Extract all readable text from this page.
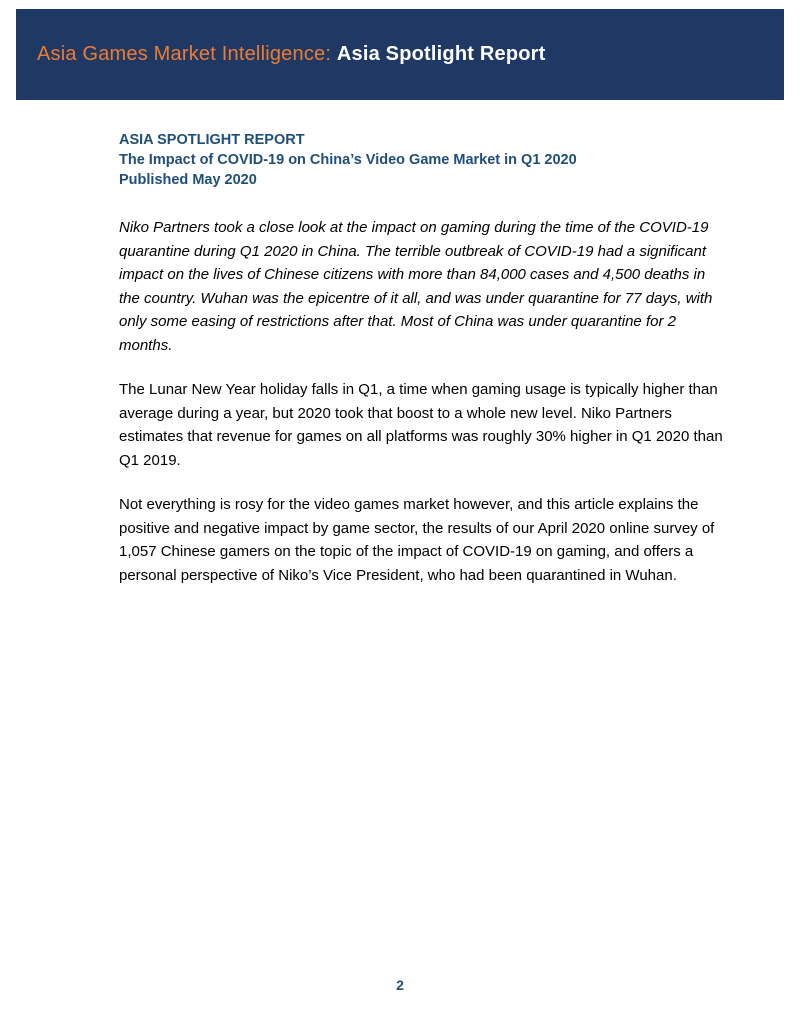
Asia Games Market Intelligence: Asia Spotlight Report
ASIA SPOTLIGHT REPORT
The Impact of COVID-19 on China’s Video Game Market in Q1 2020
Published May 2020

Niko Partners took a close look at the impact on gaming during the time of the COVID-19 quarantine during Q1 2020 in China. The terrible outbreak of COVID-19 had a significant impact on the lives of Chinese citizens with more than 84,000 cases and 4,500 deaths in the country. Wuhan was the epicentre of it all, and was under quarantine for 77 days, with only some easing of restrictions after that. Most of China was under quarantine for 2 months.

The Lunar New Year holiday falls in Q1, a time when gaming usage is typically higher than average during a year, but 2020 took that boost to a whole new level. Niko Partners estimates that revenue for games on all platforms was roughly 30% higher in Q1 2020 than Q1 2019.

Not everything is rosy for the video games market however, and this article explains the positive and negative impact by game sector, the results of our April 2020 online survey of 1,057 Chinese gamers on the topic of the impact of COVID-19 on gaming, and offers a personal perspective of Niko’s Vice President, who had been quarantined in Wuhan.

2
